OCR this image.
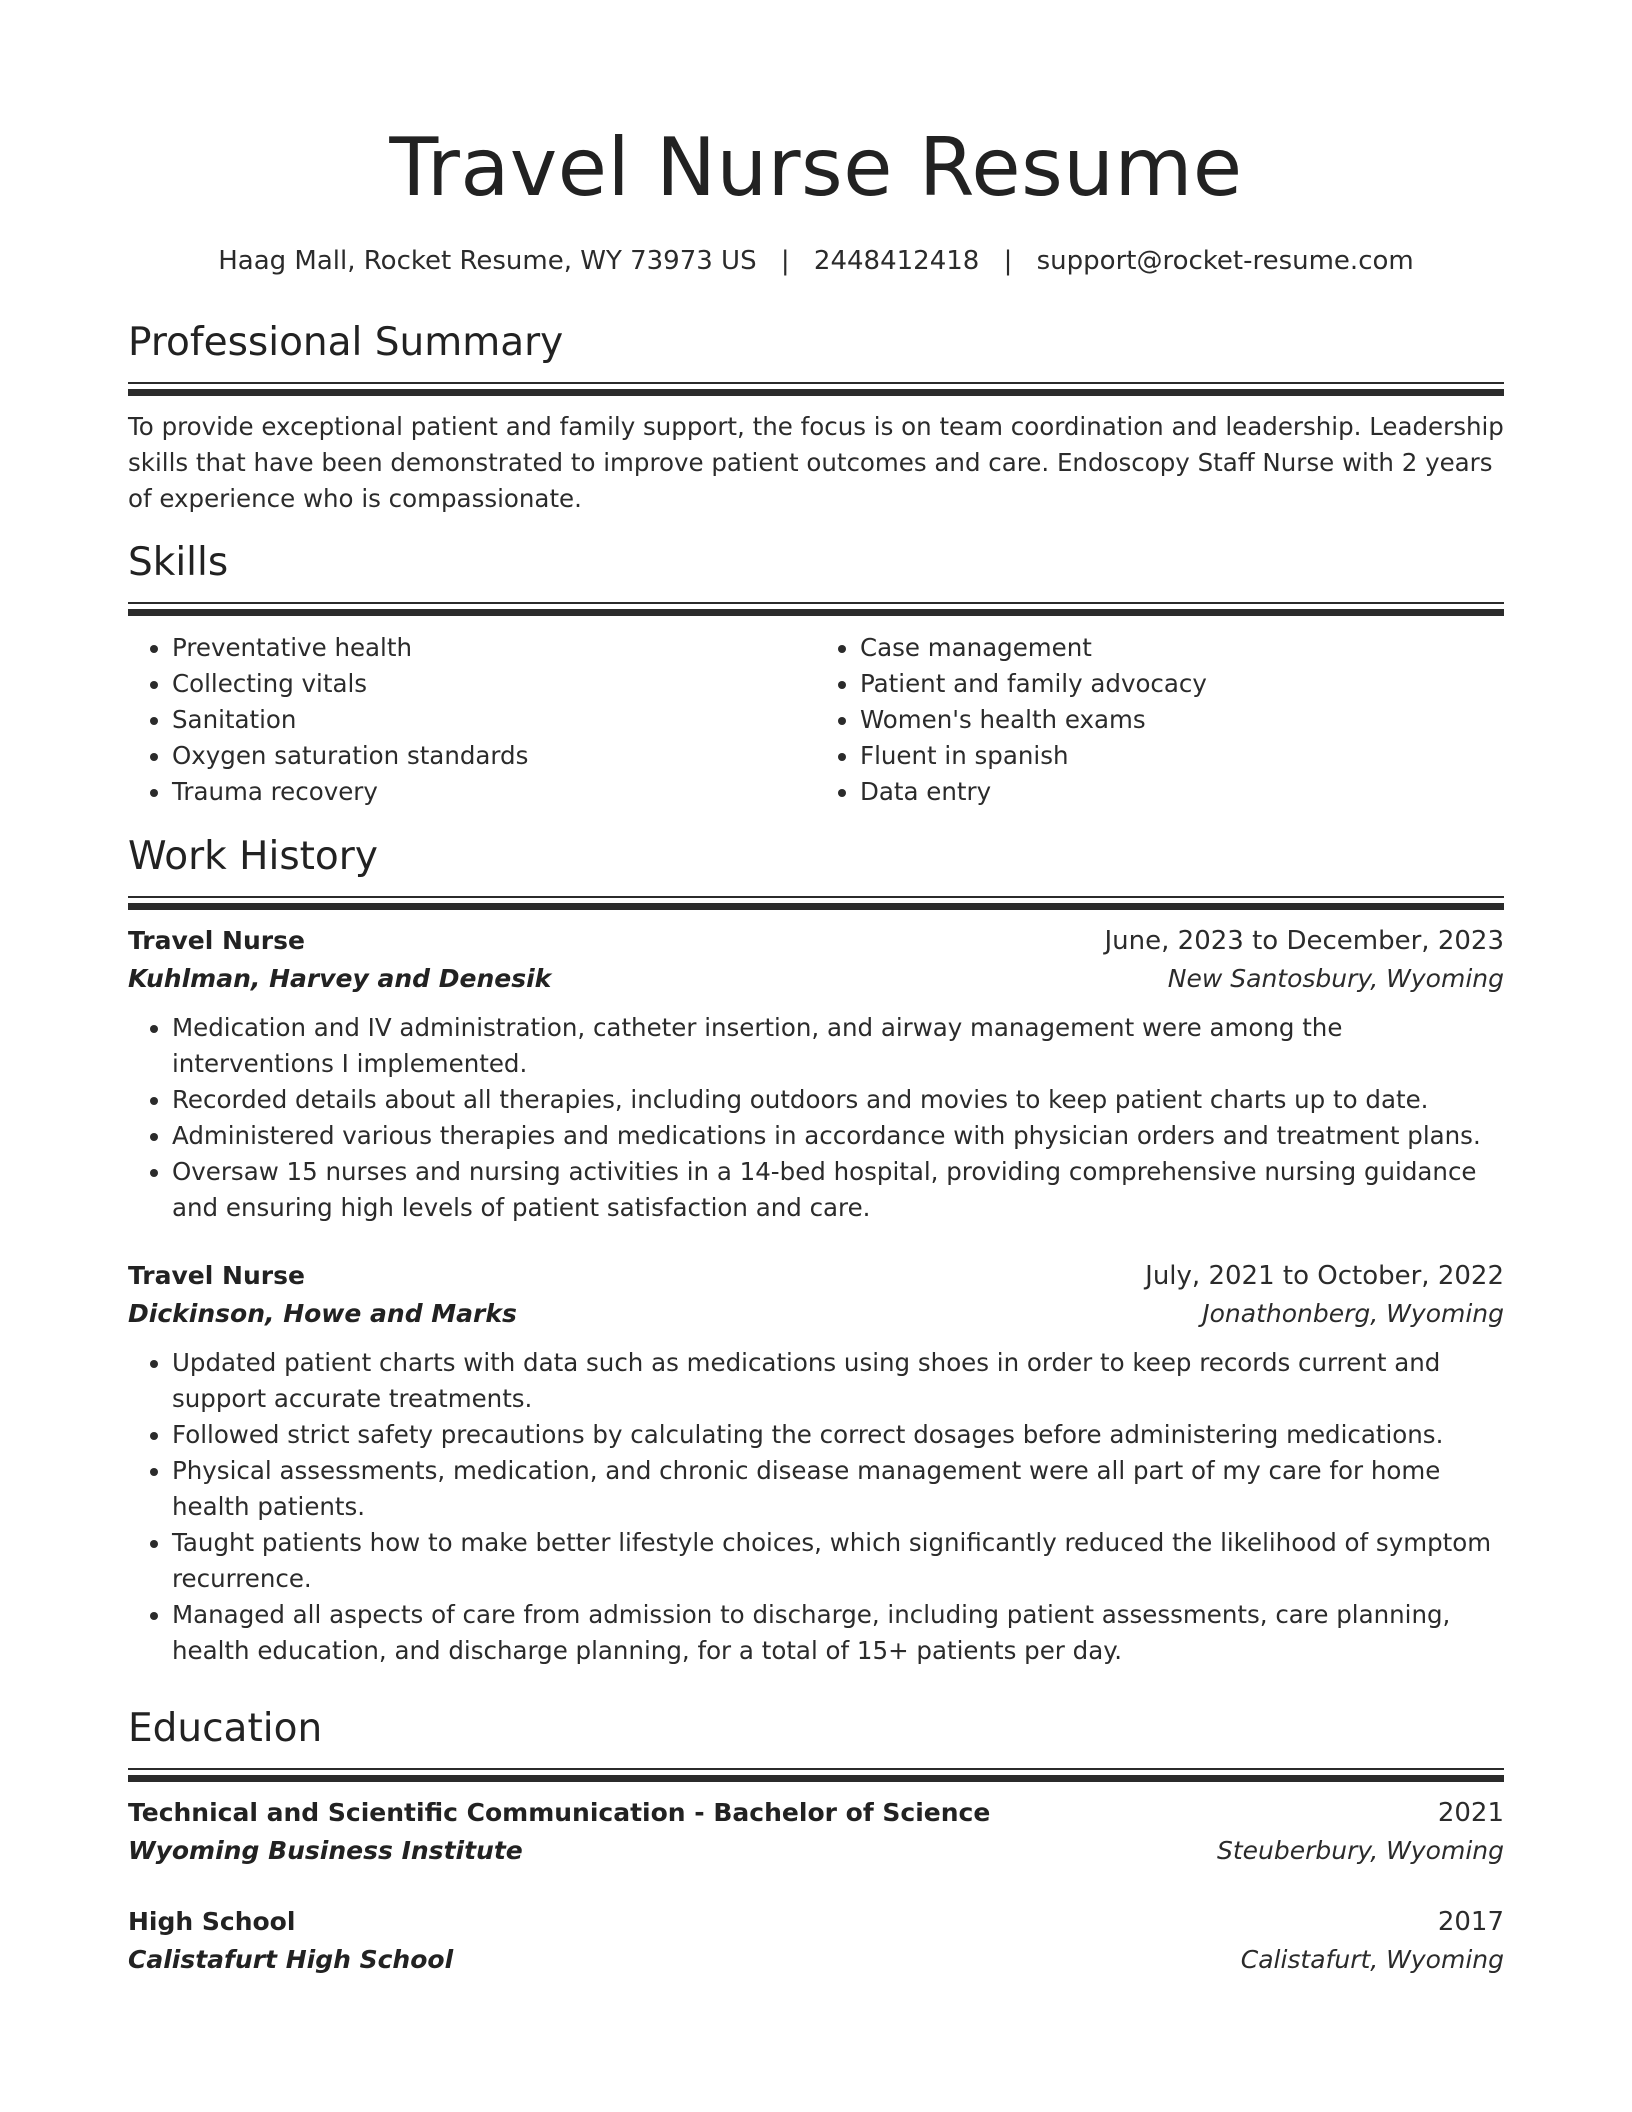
Travel Nurse Resume
Haag Mall, Rocket Resume, WY 73973 US | 2448412418 | support@rocket-resume.com
Professional Summary

To provide exceptional patient and family support, the focus is on team coordination and leadership. Leadership skills that have been demonstrated to improve patient outcomes and care. Endoscopy Staff Nurse with 2 years of experience who is compassionate.

Skills
• Preventative health
• Collecting vitals
• Sanitation
• Oxygen saturation standards
• Trauma recovery
• Case management
• Patient and family advocacy
• Women's health exams
• Fluent in spanish
• Data entry
Work History
Travel Nurse	June, 2023 to December, 2023
Kuhlman, Harvey and Denesik	New Santosbury, Wyoming
• Medication and IV administration, catheter insertion, and airway management were among the interventions I implemented.
• Recorded details about all therapies, including outdoors and movies to keep patient charts up to date.
• Administered various therapies and medications in accordance with physician orders and treatment plans.
• Oversaw 15 nurses and nursing activities in a 14-bed hospital, providing comprehensive nursing guidance and ensuring high levels of patient satisfaction and care.
Travel Nurse	July, 2021 to October, 2022
Dickinson, Howe and Marks	Jonathonberg, Wyoming
• Updated patient charts with data such as medications using shoes in order to keep records current and support accurate treatments.
• Followed strict safety precautions by calculating the correct dosages before administering medications.
• Physical assessments, medication, and chronic disease management were all part of my care for home health patients.
• Taught patients how to make better lifestyle choices, which significantly reduced the likelihood of symptom recurrence.
• Managed all aspects of care from admission to discharge, including patient assessments, care planning, health education, and discharge planning, for a total of 15+ patients per day.
Education
Technical and Scientific Communication - Bachelor of Science	2021
Wyoming Business Institute	Steuberbury, Wyoming
High School	2017
Calistafurt High School	Calistafurt, Wyoming
